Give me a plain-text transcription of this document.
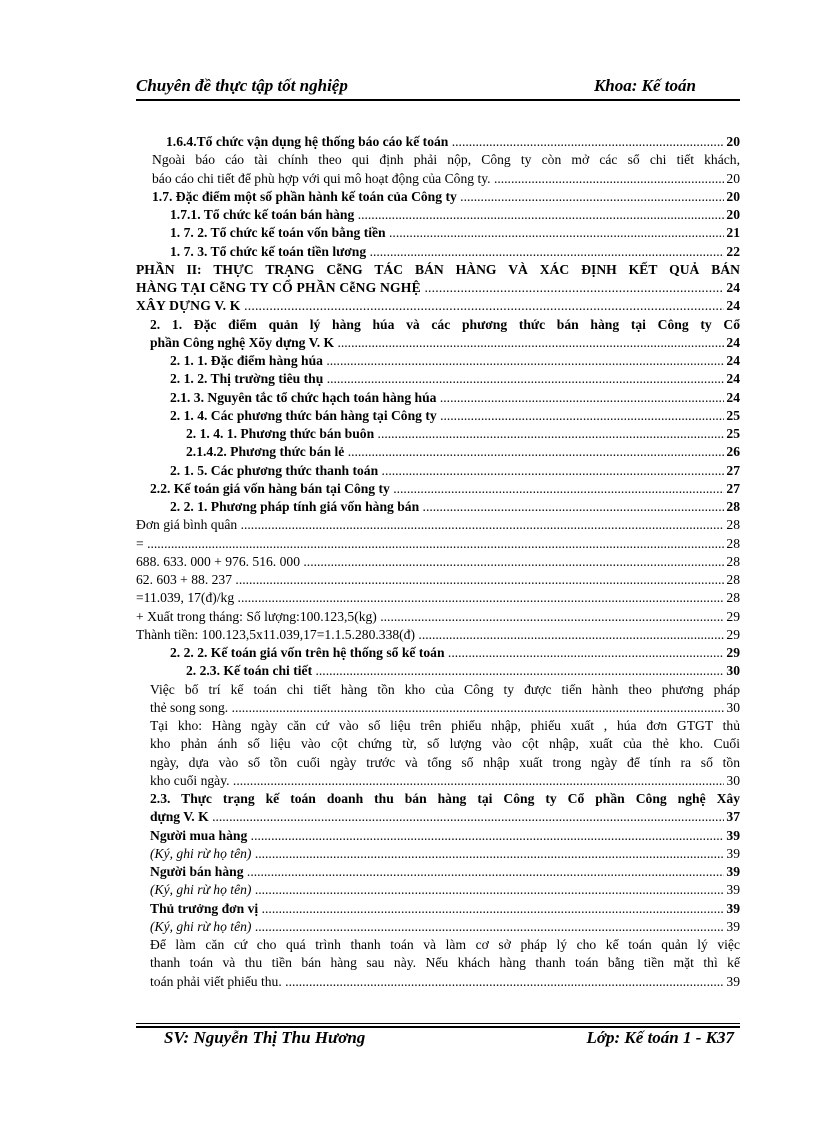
Chuyên đề thực tập tốt nghiệp	Khoa: Kế toán
1.6.4.Tổ chức vận dụng hệ thống báo cáo kế toán .....	20
Ngoài báo cáo tài chính theo qui định phải nộp, Công ty còn mở các sổ chi tiết khách,
báo cáo chi tiết để phù hợp với qui mô hoạt động của Công ty. .....	20
1.7. Đặc điểm một số phần hành kế toán của Công ty .....	20
1.7.1. Tổ chức kế toán bán hàng .....	20
1. 7. 2. Tổ chức kế toán vốn bằng tiền .....	21
1. 7. 3. Tổ chức kế toán tiền lương .....	22
PHẦN II: THỰC TRẠNG CễNG TÁC BÁN HÀNG VÀ XÁC ĐỊNH KẾT QUẢ BÁN
HÀNG TẠI CễNG TY CỔ PHẦN CễNG NGHỆ .....	24
XÂY DỰNG V. K .....	24
2. 1. Đặc điểm quản lý hàng húa và các phương thức bán hàng tại Công ty Cổ
phần Công nghệ Xõy dựng V. K .....	24
2. 1. 1. Đặc điểm hàng húa .....	24
2. 1. 2. Thị trường tiêu thụ .....	24
2.1. 3. Nguyên tắc tổ chức hạch toán hàng húa .....	24
2. 1. 4. Các phương thức bán hàng tại Công ty .....	25
2. 1. 4. 1. Phương thức bán buôn .....	25
2.1.4.2. Phương thức bán lẻ .....	26
2. 1. 5. Các phương thức thanh toán .....	27
2.2. Kế toán giá vốn hàng bán tại Công ty .....	27
2. 2. 1. Phương pháp tính giá vốn hàng bán .....	28
Đơn giá bình quân .....	28
= .....	28
688. 633. 000 + 976. 516. 000 .....	28
62. 603 + 88. 237 .....	28
=11.039, 17(đ)/kg .....	28
+ Xuất trong tháng: Số lượng:100.123,5(kg) .....	29
Thành tiền: 100.123,5x11.039,17=1.1.5.280.338(đ) .....	29
2. 2. 2. Kế toán giá vốn trên hệ thống sổ kế toán .....	29
2. 2.3. Kế toán chi tiết .....	30
Việc bố trí kế toán chi tiết hàng tồn kho của Công ty được tiến hành theo phương pháp
thẻ song song. .....	30
Tại kho: Hàng ngày căn cứ vào số liệu trên phiếu nhập, phiếu xuất , húa đơn GTGT thủ
kho phản ánh số liệu vào cột chứng từ, số lượng vào cột nhập, xuất của thẻ kho. Cuối
ngày, dựa vào số tồn cuối ngày trước và tổng số nhập xuất trong ngày để tính ra số tồn
kho cuối ngày. .....	30
2.3. Thực trạng kế toán doanh thu bán hàng tại Công ty Cổ phần Công nghệ Xây
dựng V. K .....	37
Người mua hàng .....	39
(Ký, ghi rừ họ tên) .....	39
Người bán hàng .....	39
(Ký, ghi rừ họ tên) .....	39
Thủ trưởng đơn vị .....	39
(Ký, ghi rừ họ tên) .....	39
Để làm căn cứ cho quá trình thanh toán và làm cơ sở pháp lý cho kế toán quản lý việc
thanh toán và thu tiền bán hàng sau này. Nếu khách hàng thanh toán bằng tiền mặt thì kế
toán phải viết phiếu thu. .....	39
SV: Nguyễn Thị Thu Hương	Lớp: Kế toán 1 - K37
